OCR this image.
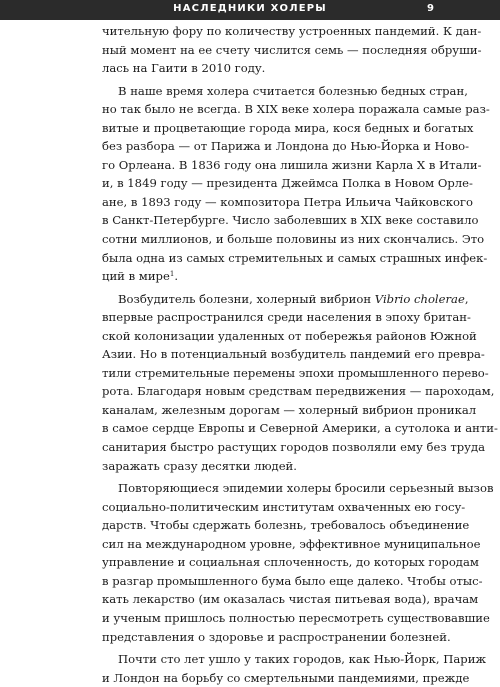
НАСЛЕДНИКИ ХОЛЕРЫ	9
чительную фору по количеству устроенных пандемий. К дан-
ный момент на ее счету числится семь — последняя обруши-
лась на Гаити в 2010 году.
В наше время холера считается болезнью бедных стран,
но так было не всегда. В XIX веке холера поражала самые раз-
витые и процветающие города мира, кося бедных и богатых
без разбора — от Парижа и Лондона до Нью-Йорка и Ново-
го Орлеана. В 1836 году она лишила жизни Карла X в Итали-
и, в 1849 году — президента Джеймса Полка в Новом Орле-
ане, в 1893 году — композитора Петра Ильича Чайковского
в Санкт-Петербурге. Число заболевших в XIX веке составило
сотни миллионов, и больше половины из них скончались. Это
была одна из самых стремительных и самых страшных инфек-
ций в мире$^1$.
Возбудитель болезни, холерный вибрион Vibrio cholerae,
впервые распространился среди населения в эпоху британ-
ской колонизации удаленных от побережья районов Южной
Азии. Но в потенциальный возбудитель пандемий его превра-
тили стремительные перемены эпохи промышленного перево-
рота. Благодаря новым средствам передвижения — пароходам,
каналам, железным дорогам — холерный вибрион проникал
в самое сердце Европы и Северной Америки, а сутолока и анти-
санитария быстро растущих городов позволяли ему без труда
заражать сразу десятки людей.
Повторяющиеся эпидемии холеры бросили серьезный вызов
социально-политическим институтам охваченных ею госу-
дарств. Чтобы сдержать болезнь, требовалось объединение
сил на международном уровне, эффективное муниципальное
управление и социальная сплоченность, до которых городам
в разгар промышленного бума было еще далеко. Чтобы отыс-
кать лекарство (им оказалась чистая питьевая вода), врачам
и ученым пришлось полностью пересмотреть существовавшие
представления о здоровье и распространении болезней.
Почти сто лет ушло у таких городов, как Нью-Йорк, Париж
и Лондон на борьбу со смертельными пандемиями, прежде
